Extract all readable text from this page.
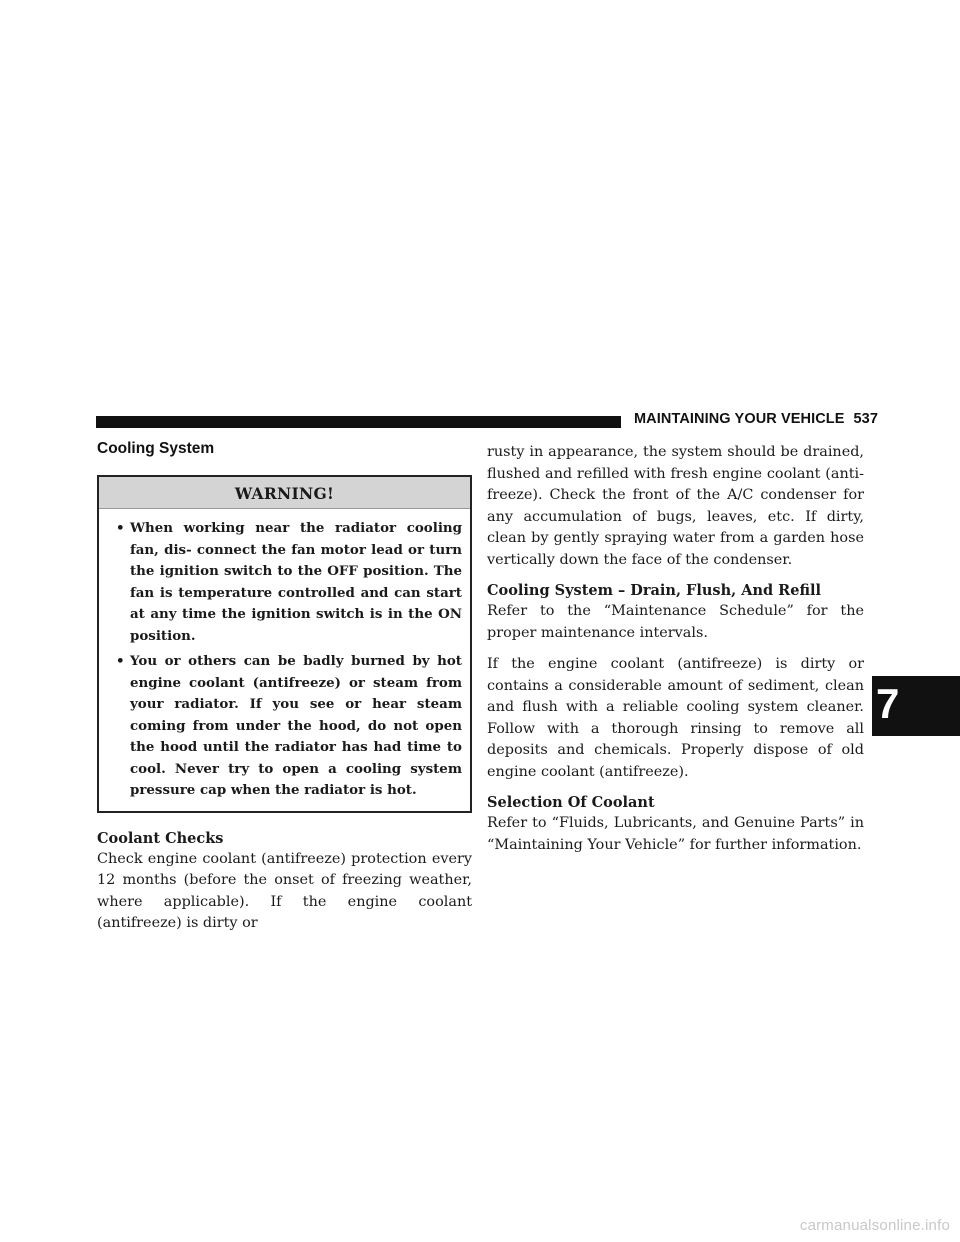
MAINTAINING YOUR VEHICLE 537
Cooling System
WARNING!
• When working near the radiator cooling fan, dis- connect the fan motor lead or turn the ignition switch to the OFF position. The fan is temperature controlled and can start at any time the ignition switch is in the ON position.
• You or others can be badly burned by hot engine coolant (antifreeze) or steam from your radiator. If you see or hear steam coming from under the hood, do not open the hood until the radiator has had time to cool. Never try to open a cooling system pressure cap when the radiator is hot.
Coolant Checks

Check engine coolant (antifreeze) protection every 12 months (before the onset of freezing weather, where applicable). If the engine coolant (antifreeze) is dirty or

rusty in appearance, the system should be drained, flushed and refilled with fresh engine coolant (anti- freeze). Check the front of the A/C condenser for any accumulation of bugs, leaves, etc. If dirty, clean by gently spraying water from a garden hose vertically down the face of the condenser.

Cooling System – Drain, Flush, And Refill

Refer to the “Maintenance Schedule” for the proper maintenance intervals.

If the engine coolant (antifreeze) is dirty or contains a considerable amount of sediment, clean and flush with a reliable cooling system cleaner. Follow with a thorough rinsing to remove all deposits and chemicals. Properly dispose of old engine coolant (antifreeze).

Selection Of Coolant

Refer to “Fluids, Lubricants, and Genuine Parts” in “Maintaining Your Vehicle” for further information.

7
carmanualsonline.info
